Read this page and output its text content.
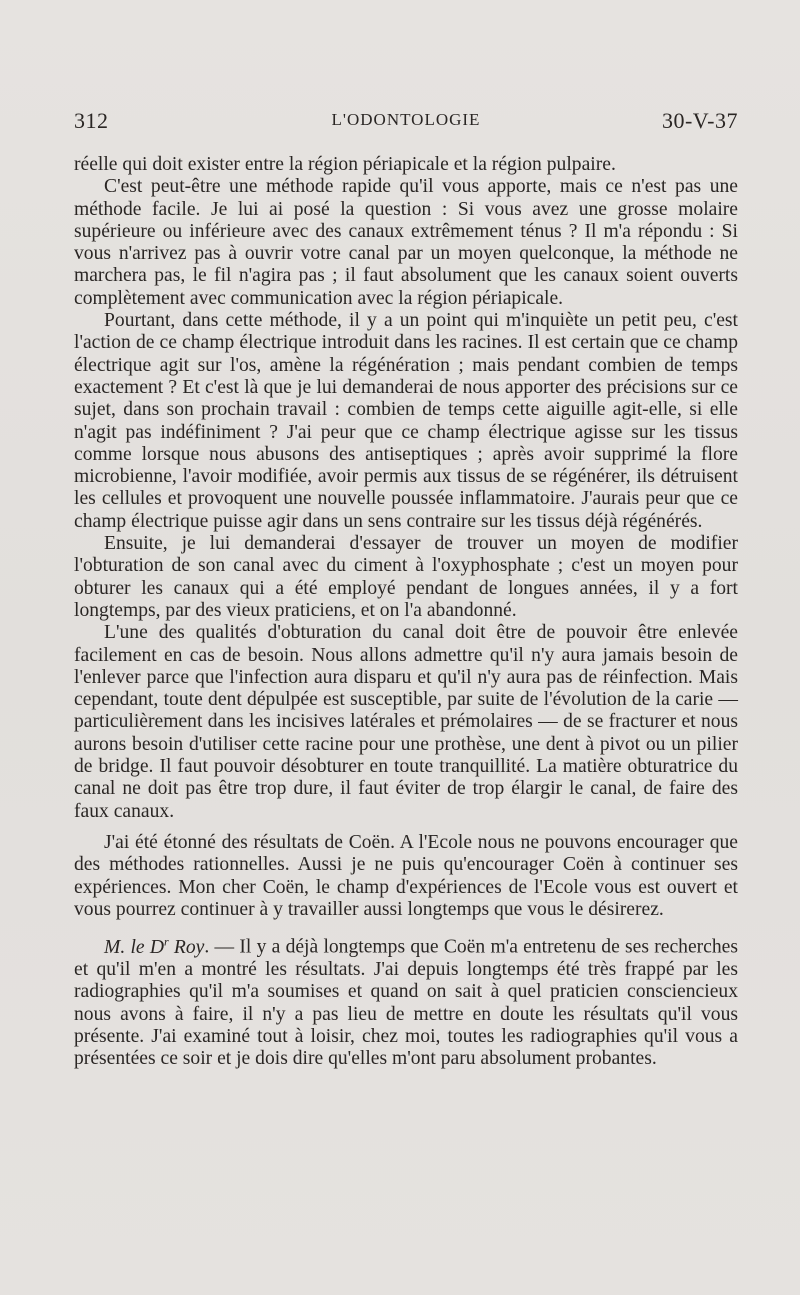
312	L'ODONTOLOGIE	30-V-37

réelle qui doit exister entre la région périapicale et la région pulpaire.

C'est peut-être une méthode rapide qu'il vous apporte, mais ce n'est pas une méthode facile. Je lui ai posé la question : Si vous avez une grosse molaire supérieure ou inférieure avec des canaux extrêmement ténus ? Il m'a répondu : Si vous n'arrivez pas à ouvrir votre canal par un moyen quelconque, la méthode ne marchera pas, le fil n'agira pas ; il faut absolument que les canaux soient ouverts complètement avec communication avec la région périapicale.

Pourtant, dans cette méthode, il y a un point qui m'inquiète un petit peu, c'est l'action de ce champ électrique introduit dans les racines. Il est certain que ce champ électrique agit sur l'os, amène la régénération ; mais pendant combien de temps exactement ? Et c'est là que je lui demanderai de nous apporter des précisions sur ce sujet, dans son prochain travail : combien de temps cette aiguille agit-elle, si elle n'agit pas indéfiniment ? J'ai peur que ce champ électrique agisse sur les tissus comme lorsque nous abusons des antiseptiques ; après avoir supprimé la flore microbienne, l'avoir modifiée, avoir permis aux tissus de se régénérer, ils détruisent les cellules et provoquent une nouvelle poussée inflammatoire. J'aurais peur que ce champ électrique puisse agir dans un sens contraire sur les tissus déjà régénérés.

Ensuite, je lui demanderai d'essayer de trouver un moyen de modifier l'obturation de son canal avec du ciment à l'oxyphosphate ; c'est un moyen pour obturer les canaux qui a été employé pendant de longues années, il y a fort longtemps, par des vieux praticiens, et on l'a abandonné.

L'une des qualités d'obturation du canal doit être de pouvoir être enlevée facilement en cas de besoin. Nous allons admettre qu'il n'y aura jamais besoin de l'enlever parce que l'infection aura disparu et qu'il n'y aura pas de réinfection. Mais cependant, toute dent dépulpée est susceptible, par suite de l'évolution de la carie — particulièrement dans les incisives latérales et prémolaires — de se fracturer et nous aurons besoin d'utiliser cette racine pour une prothèse, une dent à pivot ou un pilier de bridge. Il faut pouvoir désobturer en toute tranquillité. La matière obturatrice du canal ne doit pas être trop dure, il faut éviter de trop élargir le canal, de faire des faux canaux.

J'ai été étonné des résultats de Coën. A l'Ecole nous ne pouvons encourager que des méthodes rationnelles. Aussi je ne puis qu'encourager Coën à continuer ses expériences. Mon cher Coën, le champ d'expériences de l'Ecole vous est ouvert et vous pourrez continuer à y travailler aussi longtemps que vous le désirerez.

M. le $D^r$ Roy. — Il y a déjà longtemps que Coën m'a entretenu de ses recherches et qu'il m'en a montré les résultats. J'ai depuis longtemps été très frappé par les radiographies qu'il m'a soumises et quand on sait à quel praticien consciencieux nous avons à faire, il n'y a pas lieu de mettre en doute les résultats qu'il vous présente. J'ai examiné tout à loisir, chez moi, toutes les radiographies qu'il vous a présentées ce soir et je dois dire qu'elles m'ont paru absolument probantes.
